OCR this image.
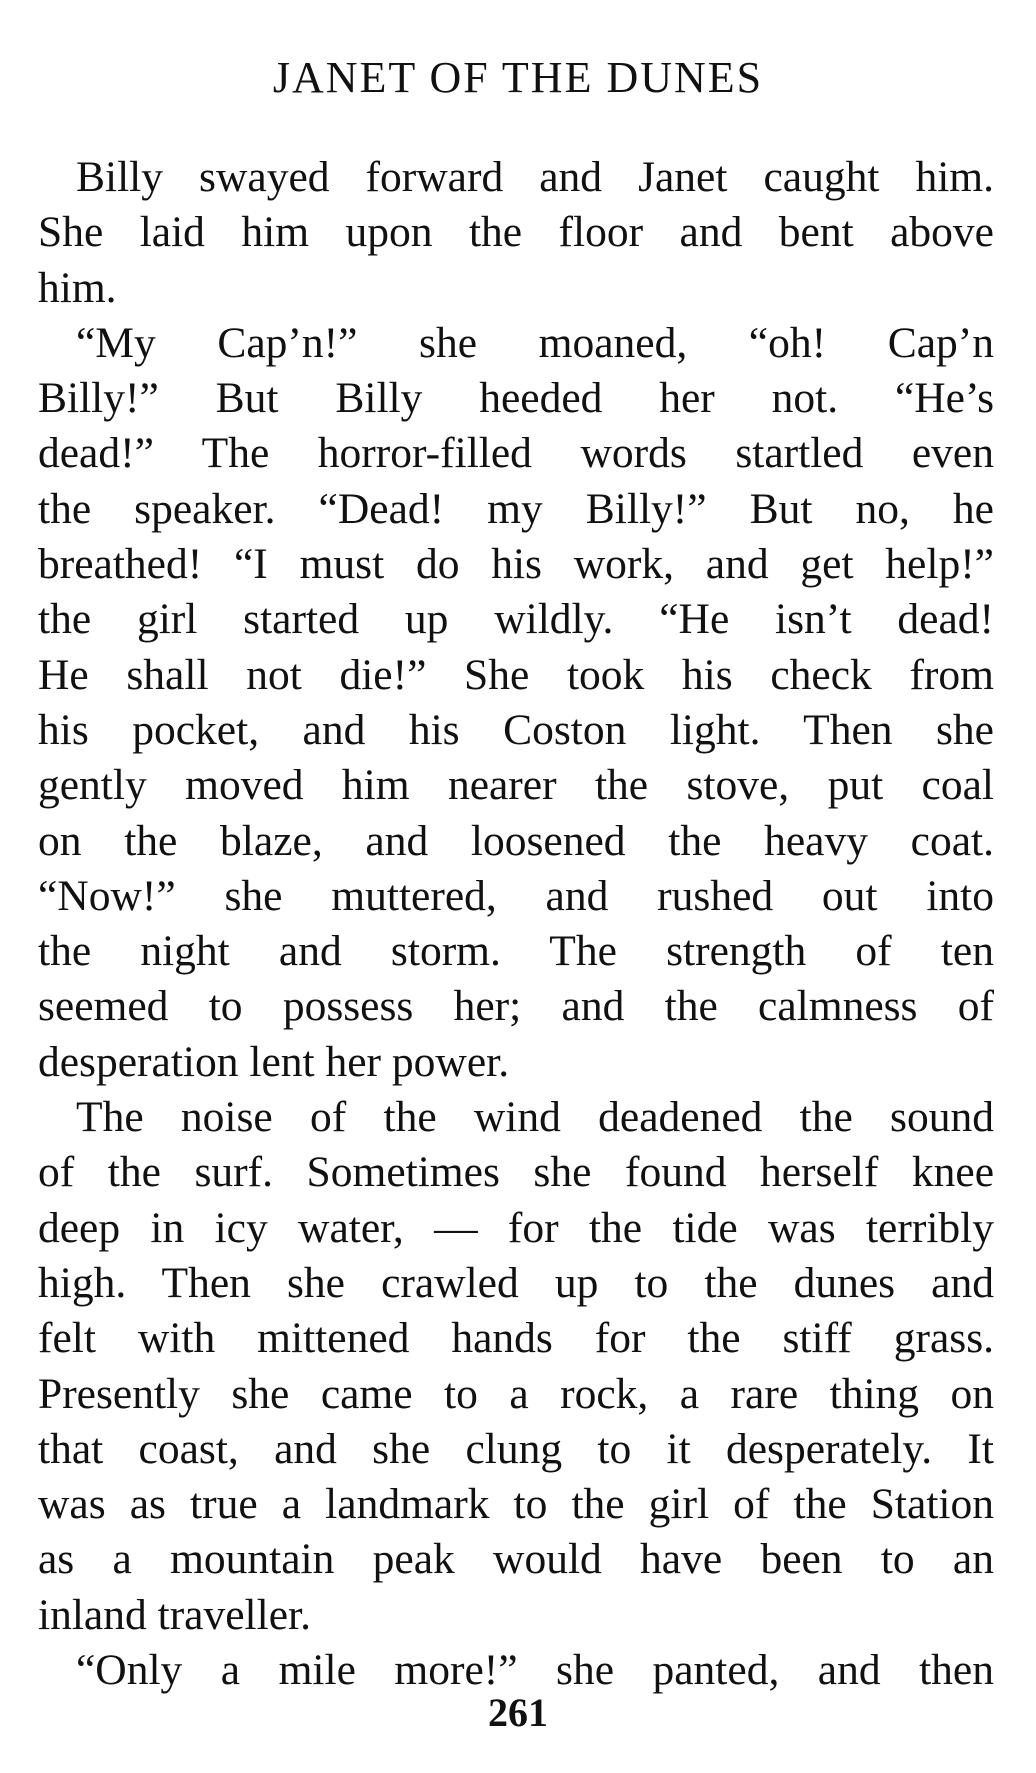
JANET OF THE DUNES
Billy swayed forward and Janet caught him.
She laid him upon the floor and bent above
him.
“My Cap’n!” she moaned, “oh! Cap’n
Billy!” But Billy heeded her not. “He’s
dead!” The horror-filled words startled even
the speaker. “Dead! my Billy!” But no, he
breathed! “I must do his work, and get help!”
the girl started up wildly. “He isn’t dead!
He shall not die!” She took his check from
his pocket, and his Coston light. Then she
gently moved him nearer the stove, put coal
on the blaze, and loosened the heavy coat.
“Now!” she muttered, and rushed out into
the night and storm. The strength of ten
seemed to possess her; and the calmness of
desperation lent her power.
The noise of the wind deadened the sound
of the surf. Sometimes she found herself knee
deep in icy water, — for the tide was terribly
high. Then she crawled up to the dunes and
felt with mittened hands for the stiff grass.
Presently she came to a rock, a rare thing on
that coast, and she clung to it desperately. It
was as true a landmark to the girl of the Station
as a mountain peak would have been to an
inland traveller.
“Only a mile more!” she panted, and then
261
